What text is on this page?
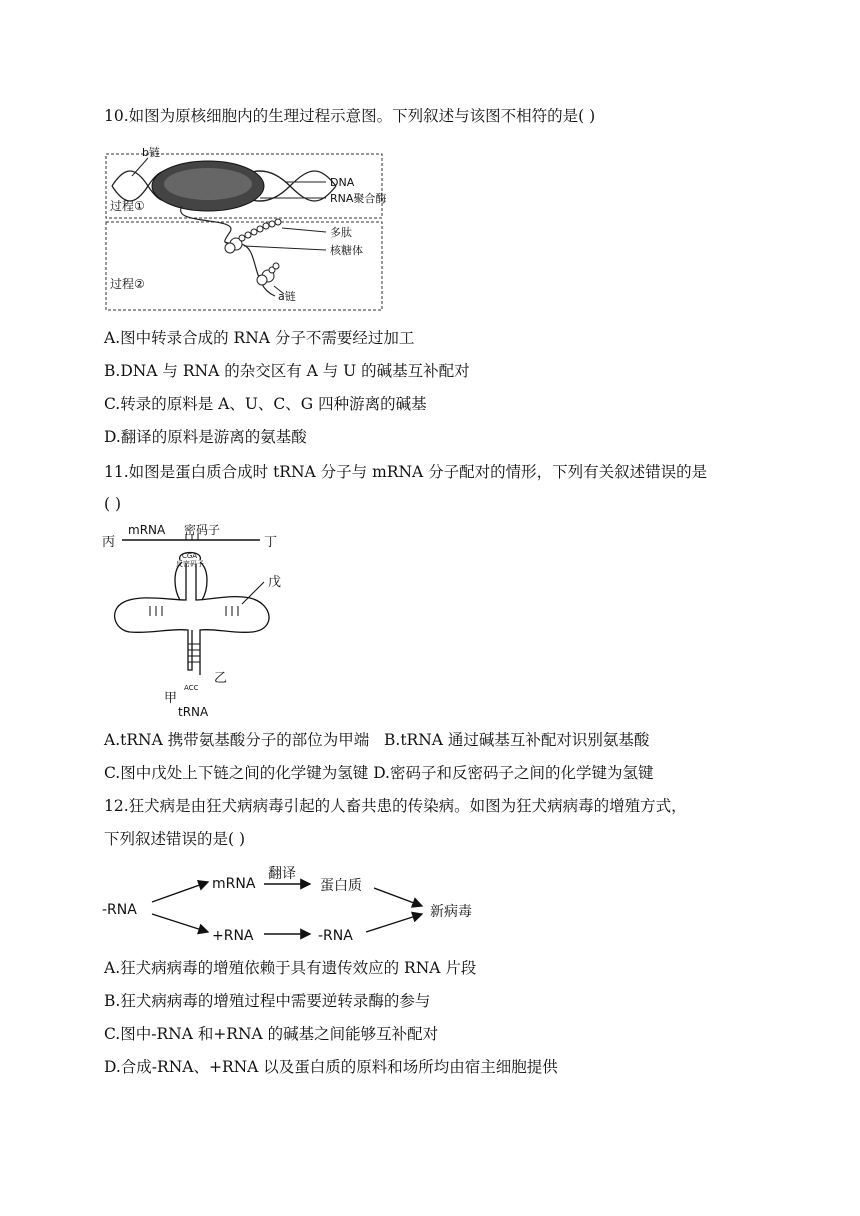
10.如图为原核细胞内的生理过程示意图。下列叙述与该图不相符的是( )
b链
DNA
RNA聚合酶
过程①
多肽
核糖体
过程②
a链
A.图中转录合成的 RNA 分子不需要经过加工
B.DNA 与 RNA 的杂交区有 A 与 U 的碱基互补配对
C.转录的原料是 A、U、C、G 四种游离的碱基
D.翻译的原料是游离的氨基酸
11.如图是蛋白质合成时 tRNA 分子与 mRNA 分子配对的情形，下列有关叙述错误的是
( )
丙
mRNA 密码子
丁
CGA
反密码子
戊
乙
甲
ACC
tRNA
A.tRNA 携带氨基酸分子的部位为甲端 B.tRNA 通过碱基互补配对识别氨基酸
C.图中戊处上下链之间的化学键为氢键 D.密码子和反密码子之间的化学键为氢键
12.狂犬病是由狂犬病病毒引起的人畜共患的传染病。如图为狂犬病病毒的增殖方式，
下列叙述错误的是( )
-RNA
mRNA
翻译
蛋白质
新病毒
+RNA	-RNA
A.狂犬病病毒的增殖依赖于具有遗传效应的 RNA 片段
B.狂犬病病毒的增殖过程中需要逆转录酶的参与
C.图中-RNA 和+RNA 的碱基之间能够互补配对
D.合成-RNA、+RNA 以及蛋白质的原料和场所均由宿主细胞提供
